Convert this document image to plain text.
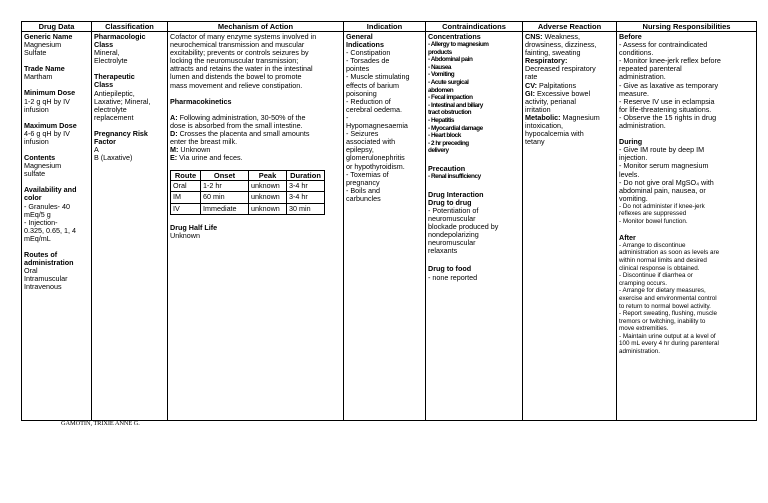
Drug Data	Classification	Mechanism of Action	Indication	Contraindications	Adverse Reaction	Nursing Responsibilities

Generic Name
Magnesium
Sulfate
Trade Name
Martham
Minimum Dose
1-2 g qH by IV
infusion
Maximum Dose
4-6 g qH by IV
infusion
Contents
Magnesium
sulfate
Availability and
color
- Granules- 40
mEq/5 g
- Injection-
0.325, 0.65, 1, 4
mEq/mL
Routes of
administration
Oral
Intramuscular
Intravenous

Pharmacologic
Class
Mineral,
Electrolyte
Therapeutic
Class
Antiepileptic,
Laxative; Mineral,
electrolyte
replacement
Pregnancy Risk
Factor
A
B (Laxative)

Cofactor of many enzyme systems involved in
neurochemical transmission and muscular
excitability; prevents or controls seizures by
locking the neuromuscular transmission;
attracts and retains the water in the intestinal
lumen and distends the bowel to promote
mass movement and relieve constipation.
Pharmacokinetics
A: Following administration, 30-50% of the
dose is absorbed from the small intestine.
D: Crosses the placenta and small amounts
enter the breast milk.
M: Unknown
E: Via urine and feces.
Route	Onset	Peak	Duration
Oral	1-2 hr	unknown	3-4 hr
IM	60 min	unknown	3-4 hr
IV	Immediate	unknown	30 min
Drug Half Life
Unknown

General
Indications
- Constipation
- Torsades de
pointes
- Muscle stimulating
effects of barium
poisoning
- Reduction of
cerebral oedema.
-
Hypomagnesaemia
- Seizures
associated with
epilepsy,
glomerulonephritis
or hypothyroidism.
- Toxemias of
pregnancy
- Boils and
carbuncles

Concentrations
- Allergy to magnesium
products
- Abdominal pain
- Nausea
- Vomiting
- Acute surgical
abdomen
- Fecal impaction
- Intestinal and biliary
tract obstruction
- Hepatitis
- Myocardial damage
- Heart block
- 2 hr preceding
delivery
Precaution
- Renal insufficiency
Drug Interaction
Drug to drug
- Potentiation of
neuromuscular
blockade produced by
nondepolarizing
neuromuscular
relaxants
Drug to food
- none reported

CNS: Weakness,
drowsiness, dizziness,
fainting, sweating
Respiratory:
Decreased respiratory
rate
CV: Palpitations
GI: Excessive bowel
activity, perianal
irritation
Metabolic: Magnesium
intoxication,
hypocalcemia with
tetany

Before
- Assess for contraindicated
conditions.
- Monitor knee-jerk reflex before
repeated parenteral
administration.
- Give as laxative as temporary
measure.
- Reserve IV use in eclampsia
for life-threatening situations.
- Observe the 15 rights in drug
administration.
During
- Give IM route by deep IM
injection.
- Monitor serum magnesium
levels.
- Do not give oral MgSO₄ with
abdominal pain, nausea, or
vomiting.
- Do not administer if knee-jerk
reflexes are suppressed
- Monitor bowel function.
After
- Arrange to discontinue
administration as soon as levels are
within normal limits and desired
clinical response is obtained.
- Discontinue if diarrhea or
cramping occurs.
- Arrange for dietary measures,
exercise and environmental control
to return to normal bowel activity.
- Report sweating, flushing, muscle
tremors or twitching, inability to
move extremities.
- Maintain urine output at a level of
100 mL every 4 hr during parenteral
administration.
GAMOTIN, TRIXIE ANNE G.
